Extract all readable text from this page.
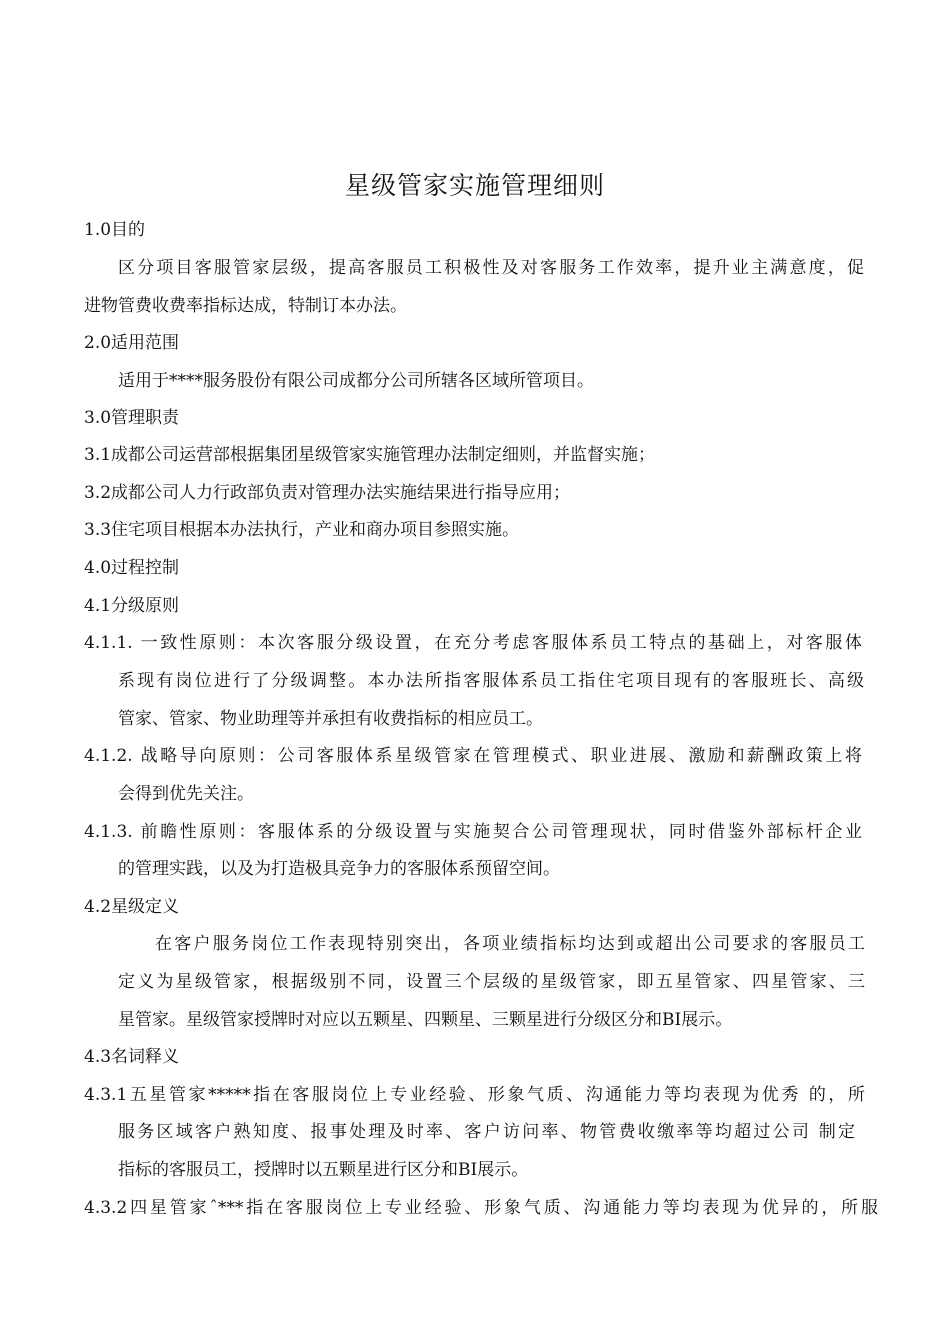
星级管家实施管理细则
1.0目的
区分项目客服管家层级，提高客服员工积极性及对客服务工作效率，提升业主满意度，促
进物管费收费率指标达成，特制订本办法。
2.0适用范围
适用于****服务股份有限公司成都分公司所辖各区域所管项目。
3.0管理职责
3.1成都公司运营部根据集团星级管家实施管理办法制定细则，并监督实施；
3.2成都公司人力行政部负责对管理办法实施结果进行指导应用；
3.3住宅项目根据本办法执行，产业和商办项目参照实施。
4.0过程控制
4.1分级原则
4.1.1. 一致性原则：本次客服分级设置，在充分考虑客服体系员工特点的基础上，对客服体
系现有岗位进行了分级调整。本办法所指客服体系员工指住宅项目现有的客服班长、高级
管家、管家、物业助理等并承担有收费指标的相应员工。
4.1.2. 战略导向原则：公司客服体系星级管家在管理模式、职业进展、激励和薪酬政策上将
会得到优先关注。
4.1.3. 前瞻性原则：客服体系的分级设置与实施契合公司管理现状，同时借鉴外部标杆企业
的管理实践，以及为打造极具竞争力的客服体系预留空间。
4.2星级定义
在客户服务岗位工作表现特别突出，各项业绩指标均达到或超出公司要求的客服员工
定义为星级管家，根据级别不同，设置三个层级的星级管家，即五星管家、四星管家、三
星管家。星级管家授牌时对应以五颗星、四颗星、三颗星进行分级区分和BI展示。
4.3名词释义
4.3.1五星管家*****指在客服岗位上专业经验、形象气质、沟通能力等均表现为优秀 的，所
服务区域客户熟知度、报事处理及时率、客户访问率、物管费收缴率等均超过公司 制定
指标的客服员工，授牌时以五颗星进行区分和BI展示。
4.3.2四星管家ˆ***指在客服岗位上专业经验、形象气质、沟通能力等均表现为优异的，所服
